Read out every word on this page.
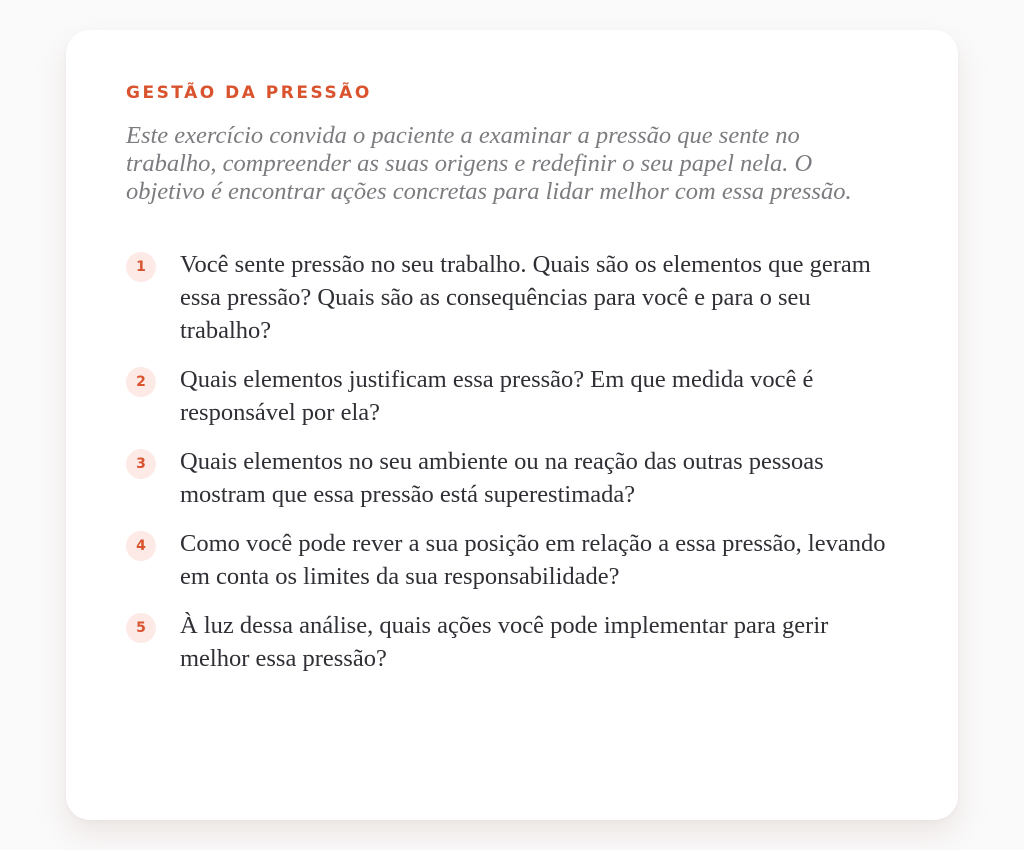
GESTÃO DA PRESSÃO

Este exercício convida o paciente a examinar a pressão que sente no trabalho, compreender as suas origens e redefinir o seu papel nela. O objetivo é encontrar ações concretas para lidar melhor com essa pressão.

1	Você sente pressão no seu trabalho. Quais são os elementos que geram essa pressão? Quais são as consequências para você e para o seu trabalho?
2	Quais elementos justificam essa pressão? Em que medida você é responsável por ela?
3	Quais elementos no seu ambiente ou na reação das outras pessoas mostram que essa pressão está superestimada?
4	Como você pode rever a sua posição em relação a essa pressão, levando em conta os limites da sua responsabilidade?
5	À luz dessa análise, quais ações você pode implementar para gerir melhor essa pressão?
